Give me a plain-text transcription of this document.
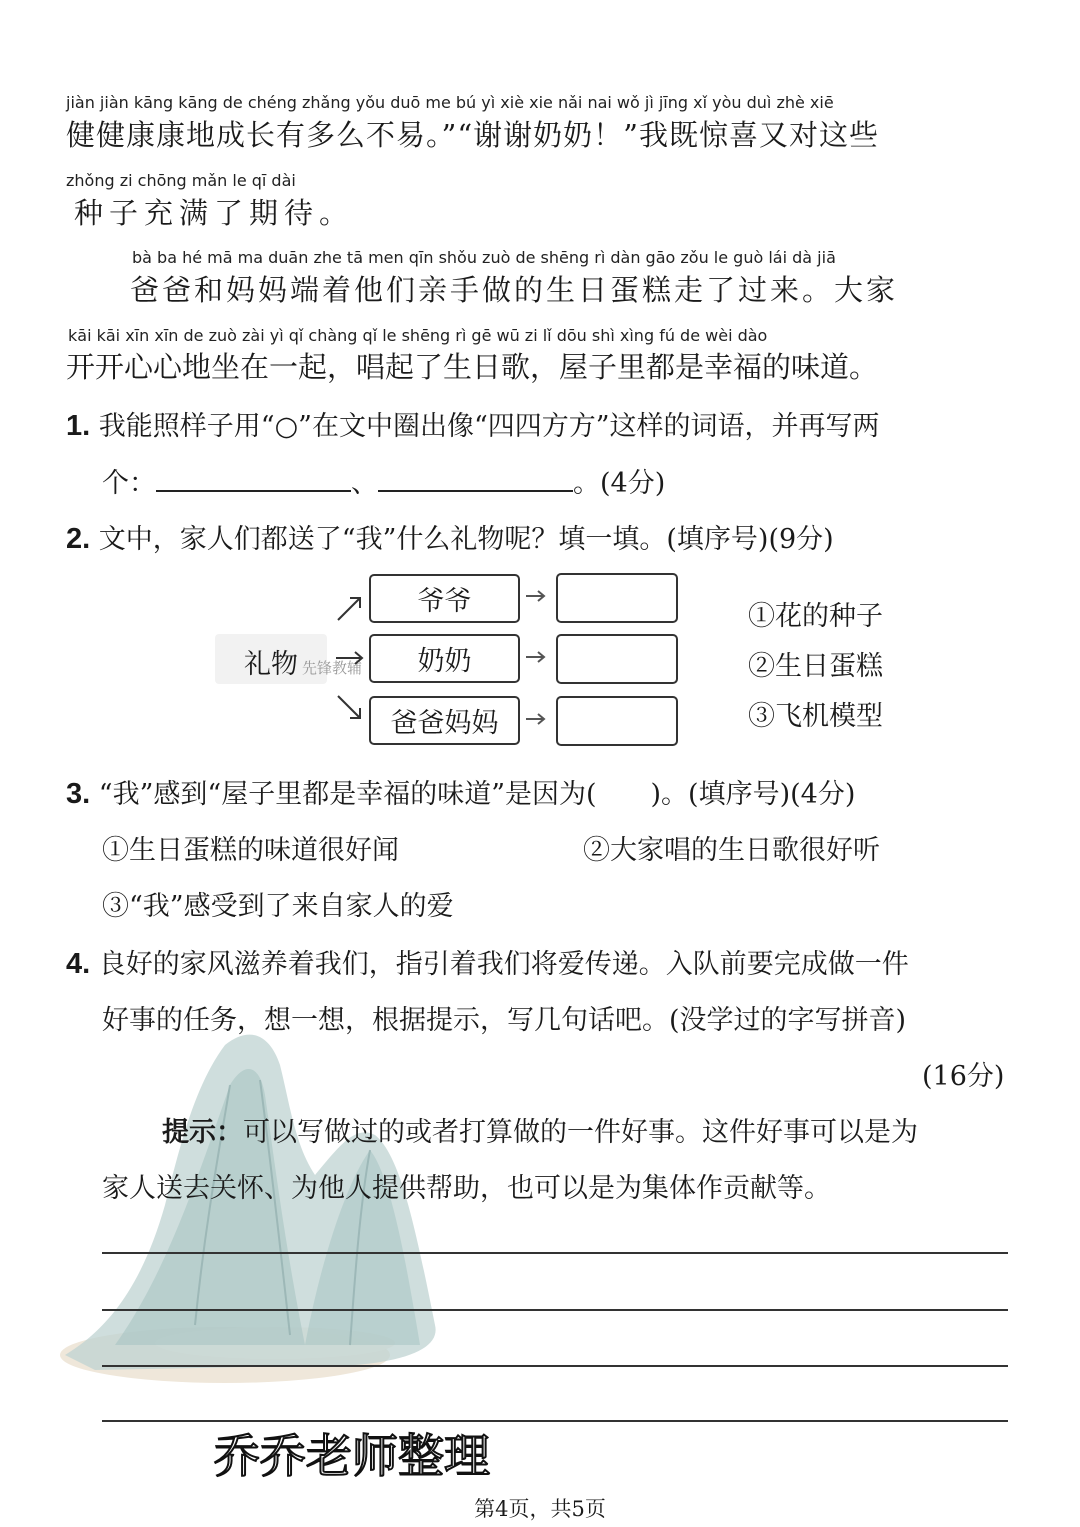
jiàn jiàn kāng kāng de chéng zhǎng yǒu duō me bú yì xiè xie nǎi nai wǒ jì jīng xǐ yòu duì zhè xiē
健健康康地成长有多么不易。”“谢谢奶奶！”我既惊喜又对这些
zhǒng zi chōng mǎn le qī dài
种子充满了期待。
bà ba hé mā ma duān zhe tā men qīn shǒu zuò de shēng rì dàn gāo zǒu le guò lái dà jiā
爸爸和妈妈端着他们亲手做的生日蛋糕走了过来。大家
kāi kāi xīn xīn de zuò zài yì qǐ chàng qǐ le shēng rì gē wū zi lǐ dōu shì xìng fú de wèi dào
开开心心地坐在一起，唱起了生日歌，屋子里都是幸福的味道。
1. 我能照样子用“○”在文中圈出像“四四方方”这样的词语，并再写两
个：	、	。(4分)
2. 文中，家人们都送了“我”什么礼物呢？填一填。(填序号)(9分)
礼物 先锋教辅
爷爷
奶奶
爸爸妈妈
①花的种子
②生日蛋糕
③飞机模型
3. “我”感到“屋子里都是幸福的味道”是因为(　　)。(填序号)(4分)
①生日蛋糕的味道很好闻	②大家唱的生日歌很好听
③“我”感受到了来自家人的爱
4. 良好的家风滋养着我们，指引着我们将爱传递。入队前要完成做一件
好事的任务，想一想，根据提示，写几句话吧。(没学过的字写拼音)
(16分)
提示：可以写做过的或者打算做的一件好事。这件好事可以是为
家人送去关怀、为他人提供帮助，也可以是为集体作贡献等。
乔乔老师整理
第4页，共5页
